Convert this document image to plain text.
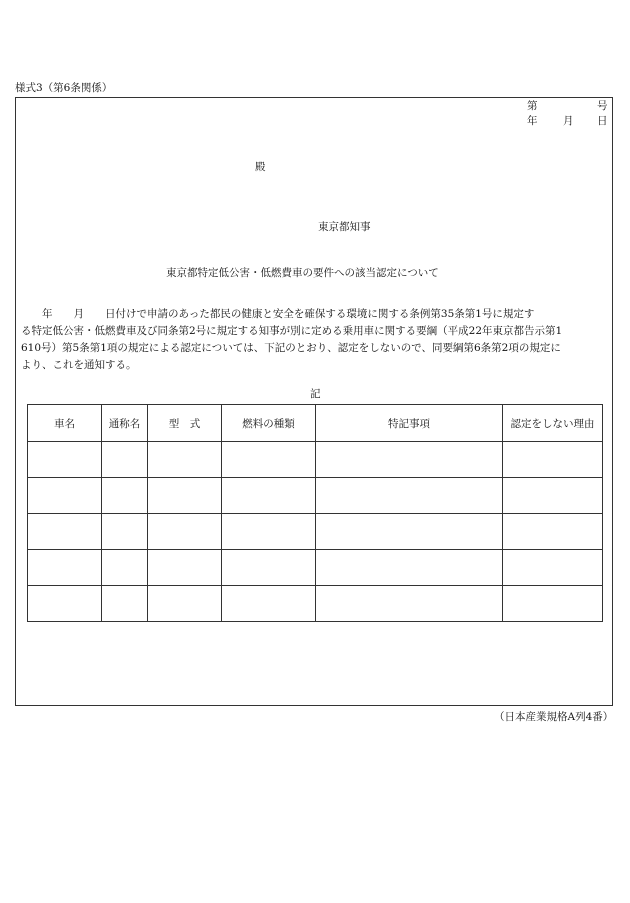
様式3（第6条関係）
第	号
年 月 日
殿
東京都知事
東京都特定低公害・低燃費車の要件への該当認定について

　　年　　月　　日付けで申請のあった都民の健康と安全を確保する環境に関する条例第35条第1号に規定す

る特定低公害・低燃費車及び同条第2号に規定する知事が別に定める乗用車に関する要綱（平成22年東京都告示第1

610号）第5条第1項の規定による認定については、下記のとおり、認定をしないので、同要綱第6条第2項の規定に

より、これを通知する。

記
車名	通称名	型　式	燃料の種類	特記事項	認定をしない理由

（日本産業規格A列4番）
